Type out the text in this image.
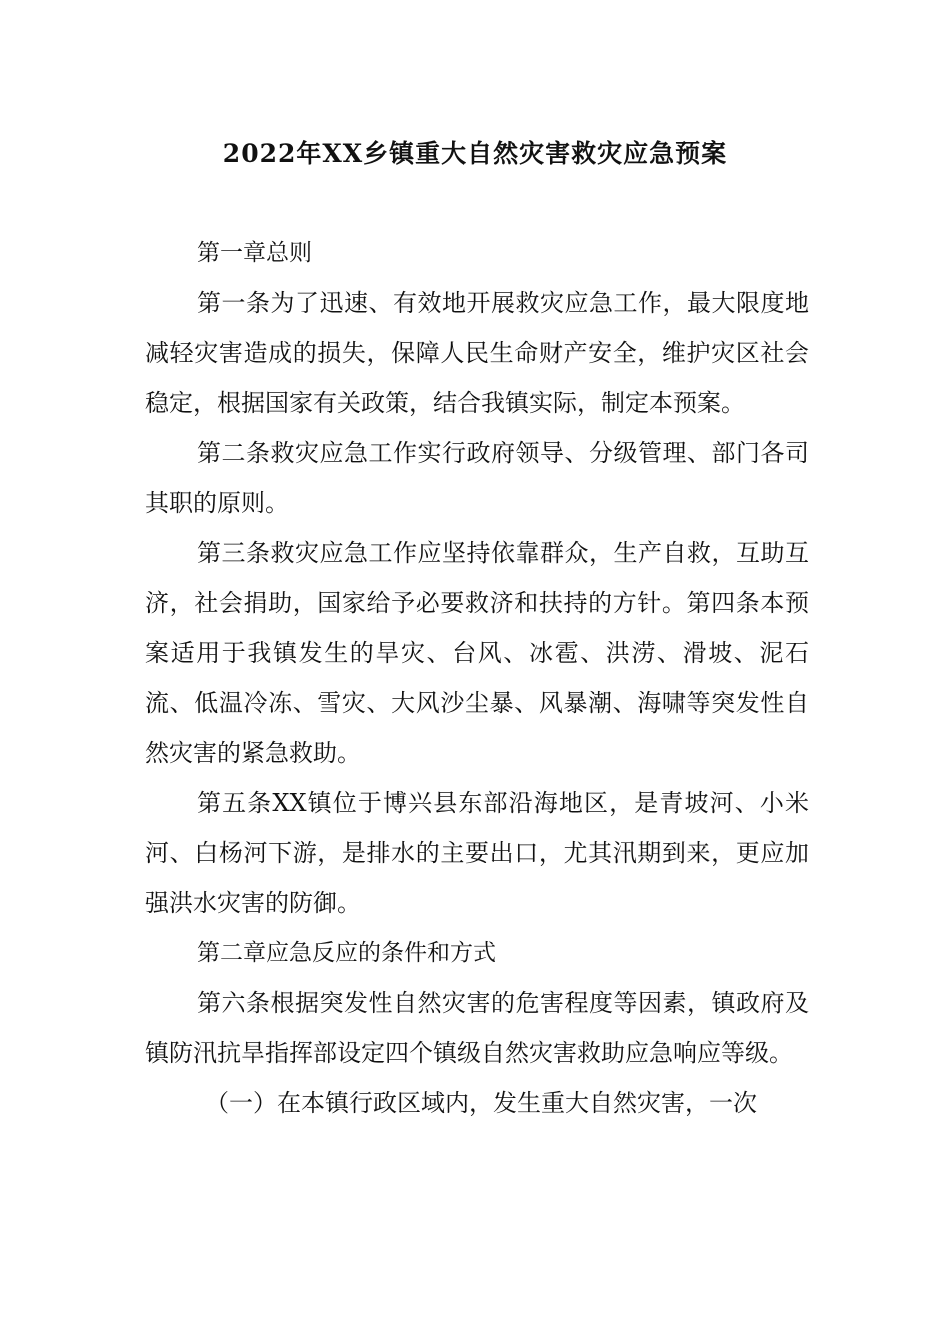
2022年XX乡镇重大自然灾害救灾应急预案

第一章总则

第一条为了迅速、有效地开展救灾应急工作，最大限度地减轻灾害造成的损失，保障人民生命财产安全，维护灾区社会稳定，根据国家有关政策，结合我镇实际，制定本预案。

第二条救灾应急工作实行政府领导、分级管理、部门各司其职的原则。

第三条救灾应急工作应坚持依靠群众，生产自救，互助互济，社会捐助，国家给予必要救济和扶持的方针。第四条本预案适用于我镇发生的旱灾、台风、冰雹、洪涝、滑坡、泥石流、低温冷冻、雪灾、大风沙尘暴、风暴潮、海啸等突发性自然灾害的紧急救助。

第五条XX镇位于博兴县东部沿海地区，是青坡河、小米河、白杨河下游，是排水的主要出口，尤其汛期到来，更应加强洪水灾害的防御。

第二章应急反应的条件和方式

第六条根据突发性自然灾害的危害程度等因素，镇政府及镇防汛抗旱指挥部设定四个镇级自然灾害救助应急响应等级。

（一）在本镇行政区域内，发生重大自然灾害，一次
